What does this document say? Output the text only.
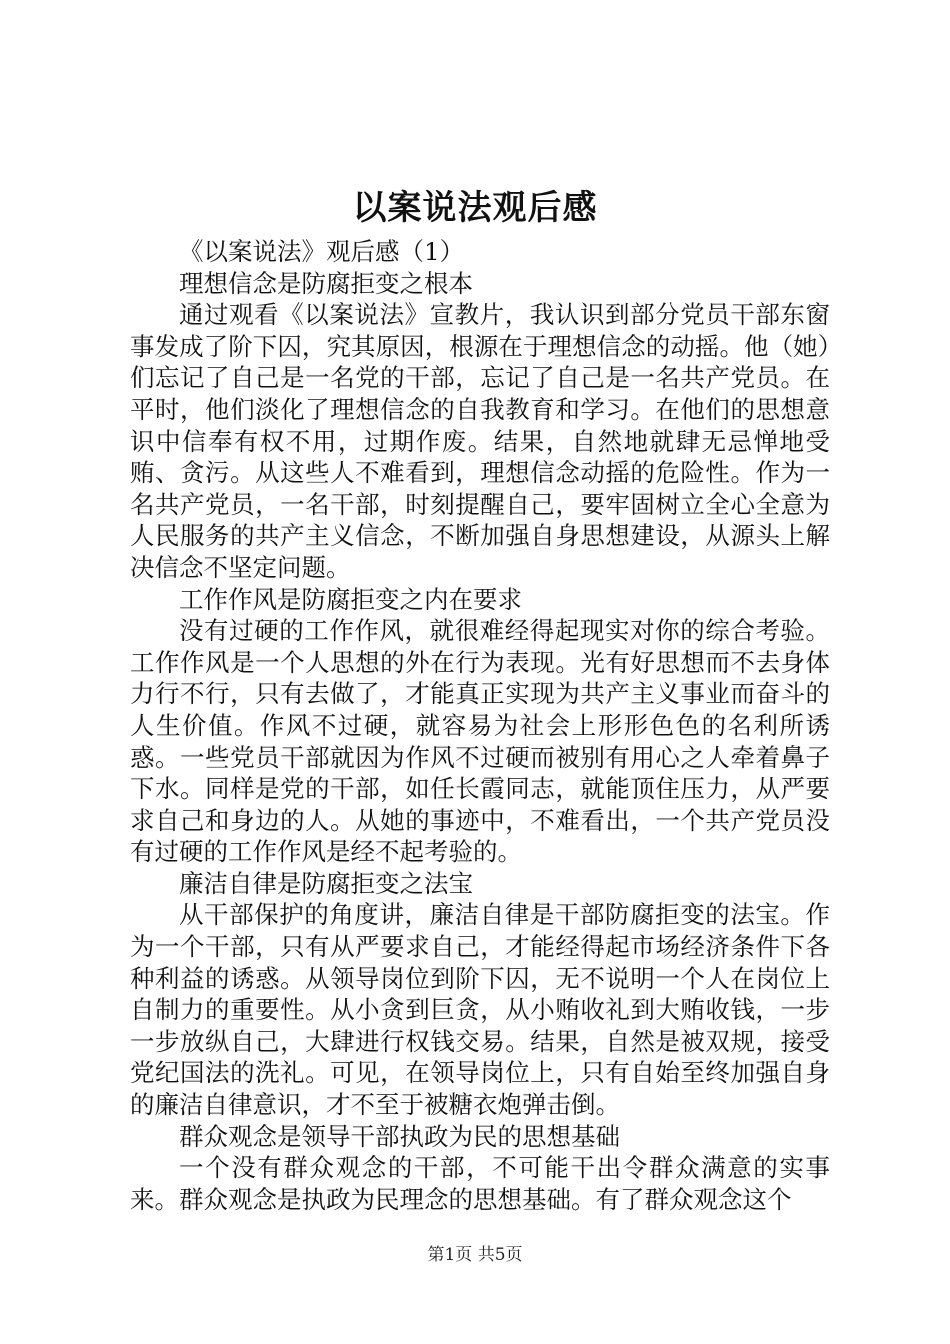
以案说法观后感

《以案说法》观后感（1）

理想信念是防腐拒变之根本

通过观看《以案说法》宣教片，我认识到部分党员干部东窗事发成了阶下囚，究其原因，根源在于理想信念的动摇。他（她）们忘记了自己是一名党的干部，忘记了自己是一名共产党员。在平时，他们淡化了理想信念的自我教育和学习。在他们的思想意识中信奉有权不用，过期作废。结果，自然地就肆无忌惮地受贿、贪污。从这些人不难看到，理想信念动摇的危险性。作为一名共产党员，一名干部，时刻提醒自己，要牢固树立全心全意为人民服务的共产主义信念，不断加强自身思想建设，从源头上解决信念不坚定问题。

工作作风是防腐拒变之内在要求

没有过硬的工作作风，就很难经得起现实对你的综合考验。工作作风是一个人思想的外在行为表现。光有好思想而不去身体力行不行，只有去做了，才能真正实现为共产主义事业而奋斗的人生价值。作风不过硬，就容易为社会上形形色色的名利所诱惑。一些党员干部就因为作风不过硬而被别有用心之人牵着鼻子下水。同样是党的干部，如任长霞同志，就能顶住压力，从严要求自己和身边的人。从她的事迹中，不难看出，一个共产党员没有过硬的工作作风是经不起考验的。

廉洁自律是防腐拒变之法宝

从干部保护的角度讲，廉洁自律是干部防腐拒变的法宝。作为一个干部，只有从严要求自己，才能经得起市场经济条件下各种利益的诱惑。从领导岗位到阶下囚，无不说明一个人在岗位上自制力的重要性。从小贪到巨贪，从小贿收礼到大贿收钱，一步一步放纵自己，大肆进行权钱交易。结果，自然是被双规，接受党纪国法的洗礼。可见，在领导岗位上，只有自始至终加强自身的廉洁自律意识，才不至于被糖衣炮弹击倒。

群众观念是领导干部执政为民的思想基础

一个没有群众观念的干部，不可能干出令群众满意的实事来。群众观念是执政为民理念的思想基础。有了群众观念这个

第1页 共5页
